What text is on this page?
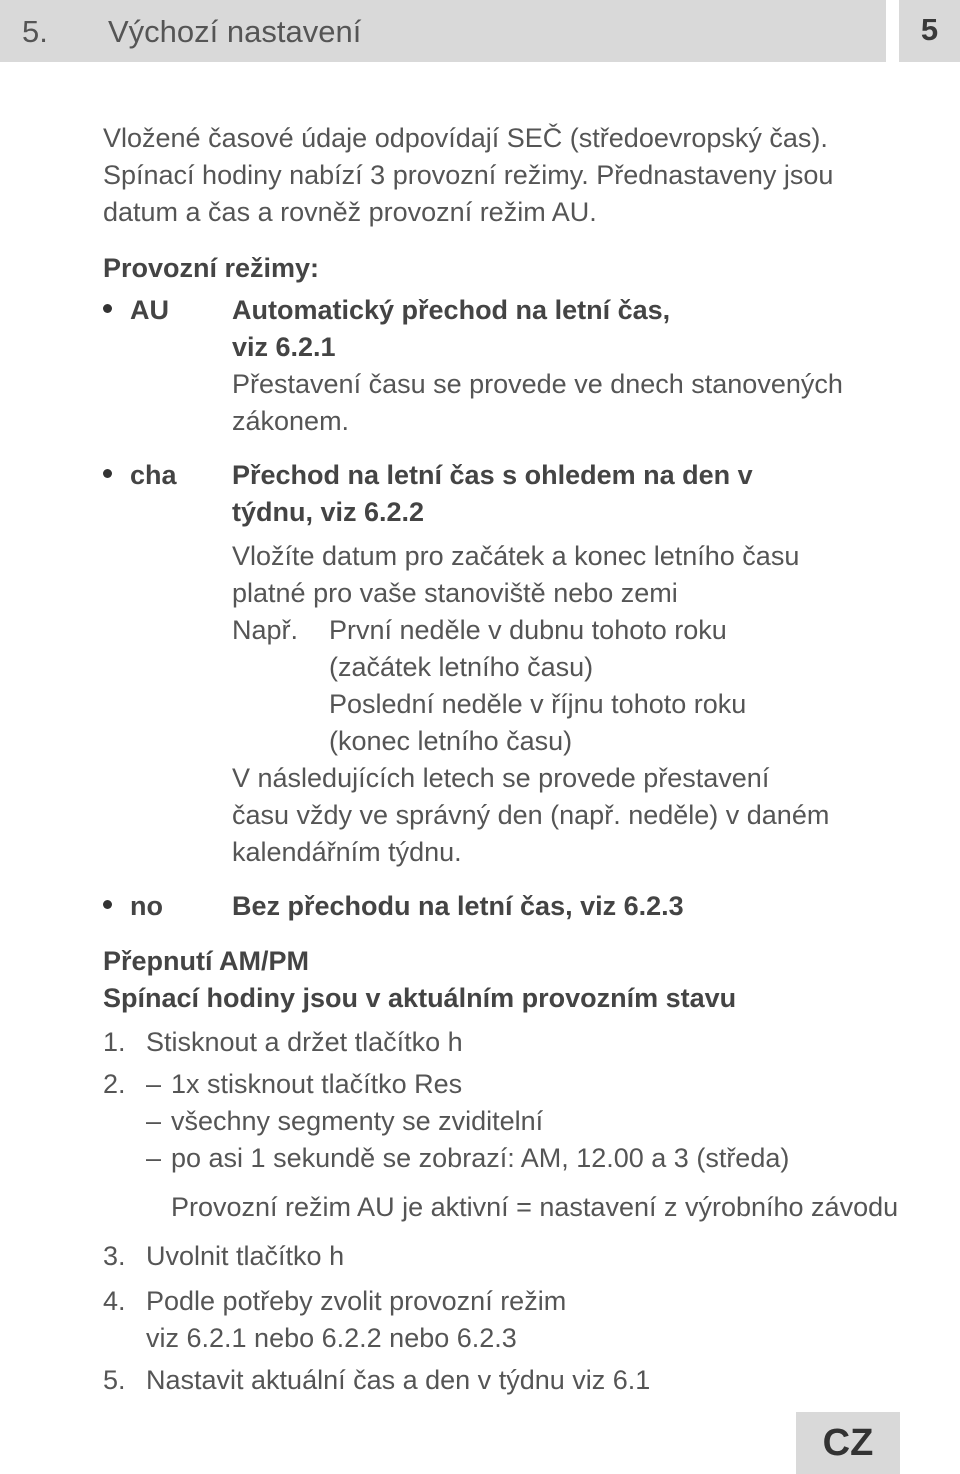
5. Výchozí nastavení	5
Vložené časové údaje odpovídají SEČ (středoevropský čas).
Spínací hodiny nabízí 3 provozní režimy. Přednastaveny jsou
datum a čas a rovněž provozní režim AU.
Provozní režimy:
AU Automatický přechod na letní čas,
viz 6.2.1
Přestavení času se provede ve dnech stanovených
zákonem.
cha Přechod na letní čas s ohledem na den v
týdnu, viz 6.2.2
Vložíte datum pro začátek a konec letního času
platné pro vaše stanoviště nebo zemi
Např. První neděle v dubnu tohoto roku
(začátek letního času)
Poslední neděle v říjnu tohoto roku
(konec letního času)
V následujících letech se provede přestavení
času vždy ve správný den (např. neděle) v daném
kalendářním týdnu.
no	Bez přechodu na letní čas, viz 6.2.3
Přepnutí AM/PM
Spínací hodiny jsou v aktuálním provozním stavu
1. Stisknout a držet tlačítko h
2. – 1x stisknout tlačítko Res
– všechny segmenty se zviditelní
– po asi 1 sekundě se zobrazí: AM, 12.00 a 3 (středa)
Provozní režim AU je aktivní = nastavení z výrobního závodu
3. Uvolnit tlačítko h
4. Podle potřeby zvolit provozní režim
viz 6.2.1 nebo 6.2.2 nebo 6.2.3
5. Nastavit aktuální čas a den v týdnu viz 6.1
CZ
